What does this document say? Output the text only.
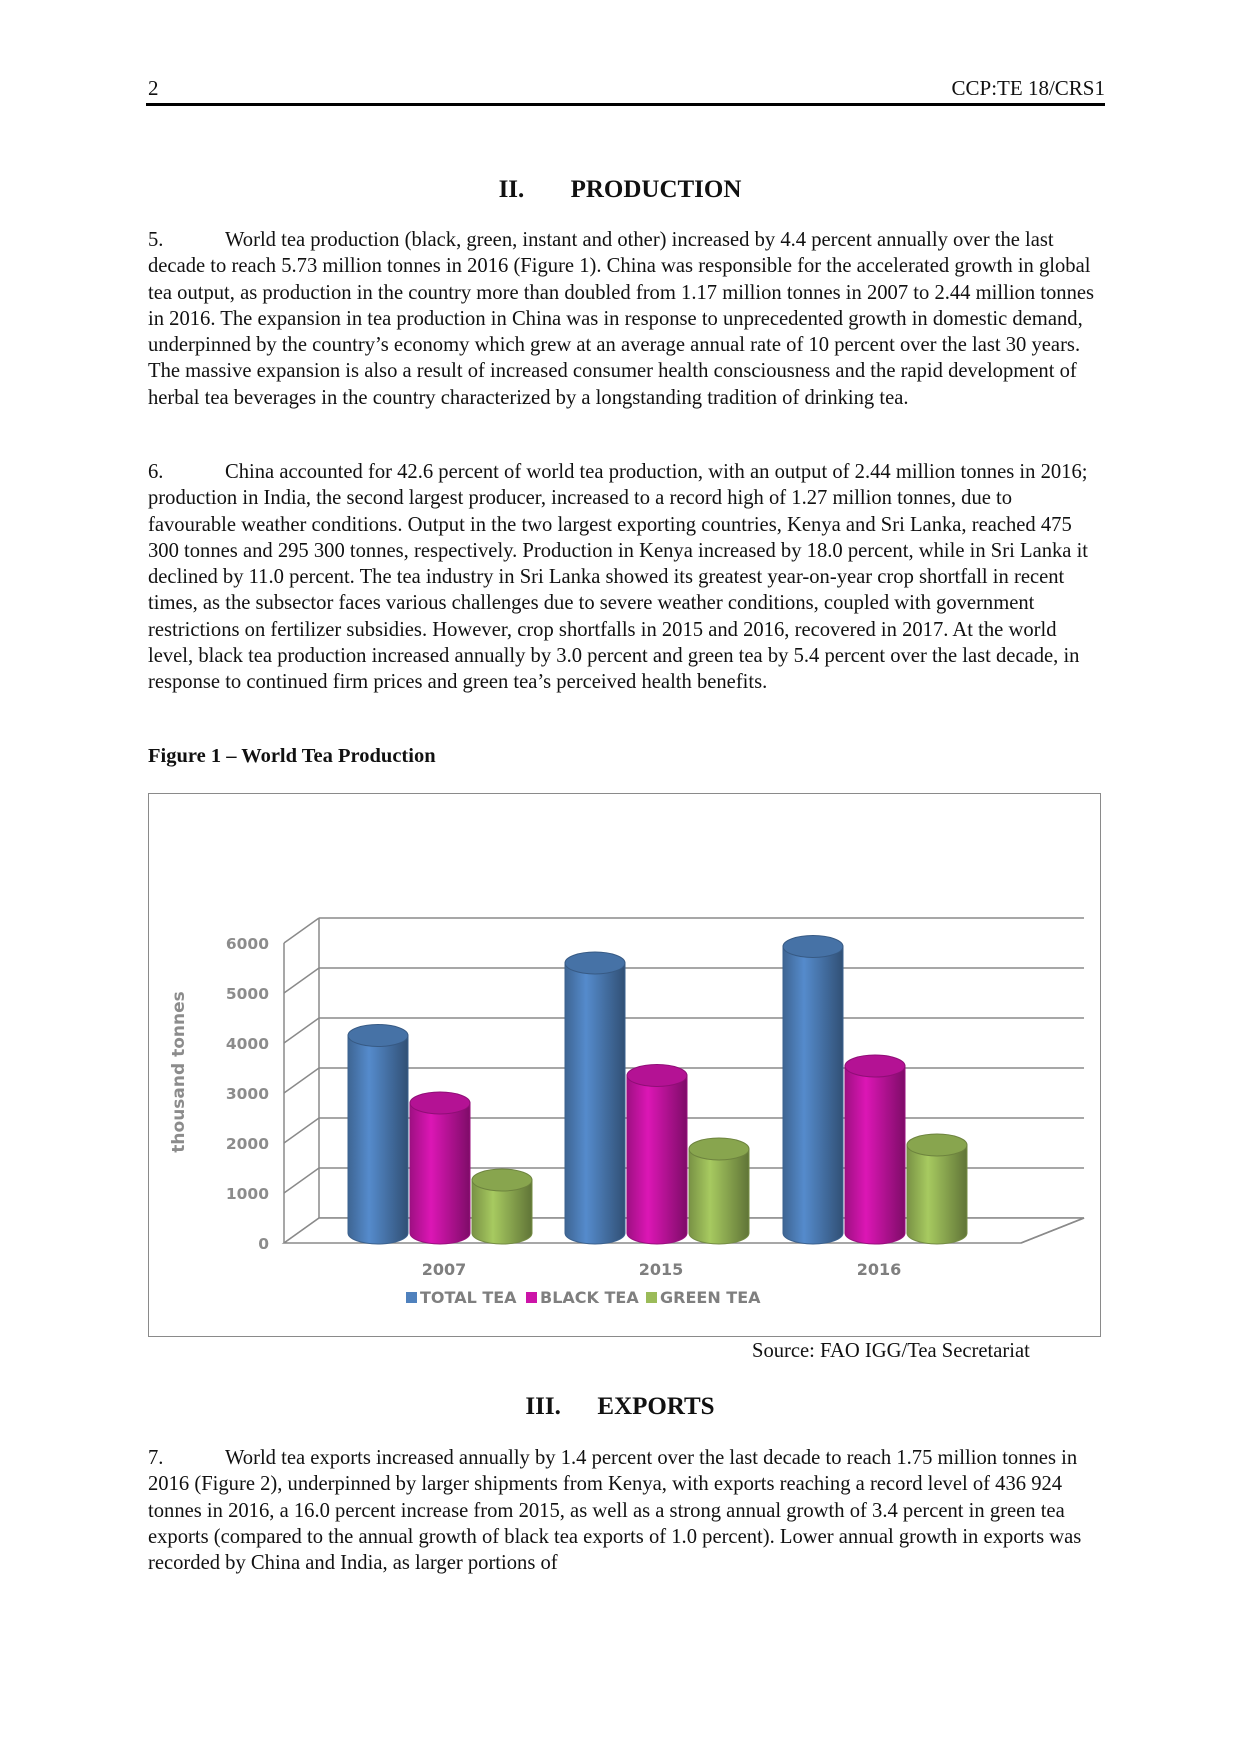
2	CCP:TE 18/CRS1
II. PRODUCTION

5.	World tea production (black, green, instant and other) increased by 4.4 percent annually over the last decade to reach 5.73 million tonnes in 2016 (Figure 1). China was responsible for the accelerated growth in global tea output, as production in the country more than doubled from 1.17 million tonnes in 2007 to 2.44 million tonnes in 2016. The expansion in tea production in China was in response to unprecedented growth in domestic demand, underpinned by the country’s economy which grew at an average annual rate of 10 percent over the last 30 years. The massive expansion is also a result of increased consumer health consciousness and the rapid development of herbal tea beverages in the country characterized by a longstanding tradition of drinking tea.

6.	China accounted for 42.6 percent of world tea production, with an output of 2.44 million tonnes in 2016; production in India, the second largest producer, increased to a record high of 1.27 million tonnes, due to favourable weather conditions. Output in the two largest exporting countries, Kenya and Sri Lanka, reached 475 300 tonnes and 295 300 tonnes, respectively. Production in Kenya increased by 18.0 percent, while in Sri Lanka it declined by 11.0 percent. The tea industry in Sri Lanka showed its greatest year-on-year crop shortfall in recent times, as the subsector faces various challenges due to severe weather conditions, coupled with government restrictions on fertilizer subsidies. However, crop shortfalls in 2015 and 2016, recovered in 2017. At the world level, black tea production increased annually by 3.0 percent and green tea by 5.4 percent over the last decade, in response to continued firm prices and green tea’s perceived health benefits.

Figure 1 – World Tea Production
thousand tonnes
0
1000
2000
3000
4000
5000
6000
2007	2015	2016
TOTAL TEA BLACK TEA GREEN TEA
Source: FAO IGG/Tea Secretariat
III. EXPORTS

7.	World tea exports increased annually by 1.4 percent over the last decade to reach 1.75 million tonnes in 2016 (Figure 2), underpinned by larger shipments from Kenya, with exports reaching a record level of 436 924 tonnes in 2016, a 16.0 percent increase from 2015, as well as a strong annual growth of 3.4 percent in green tea exports (compared to the annual growth of black tea exports of 1.0 percent). Lower annual growth in exports was recorded by China and India, as larger portions of
